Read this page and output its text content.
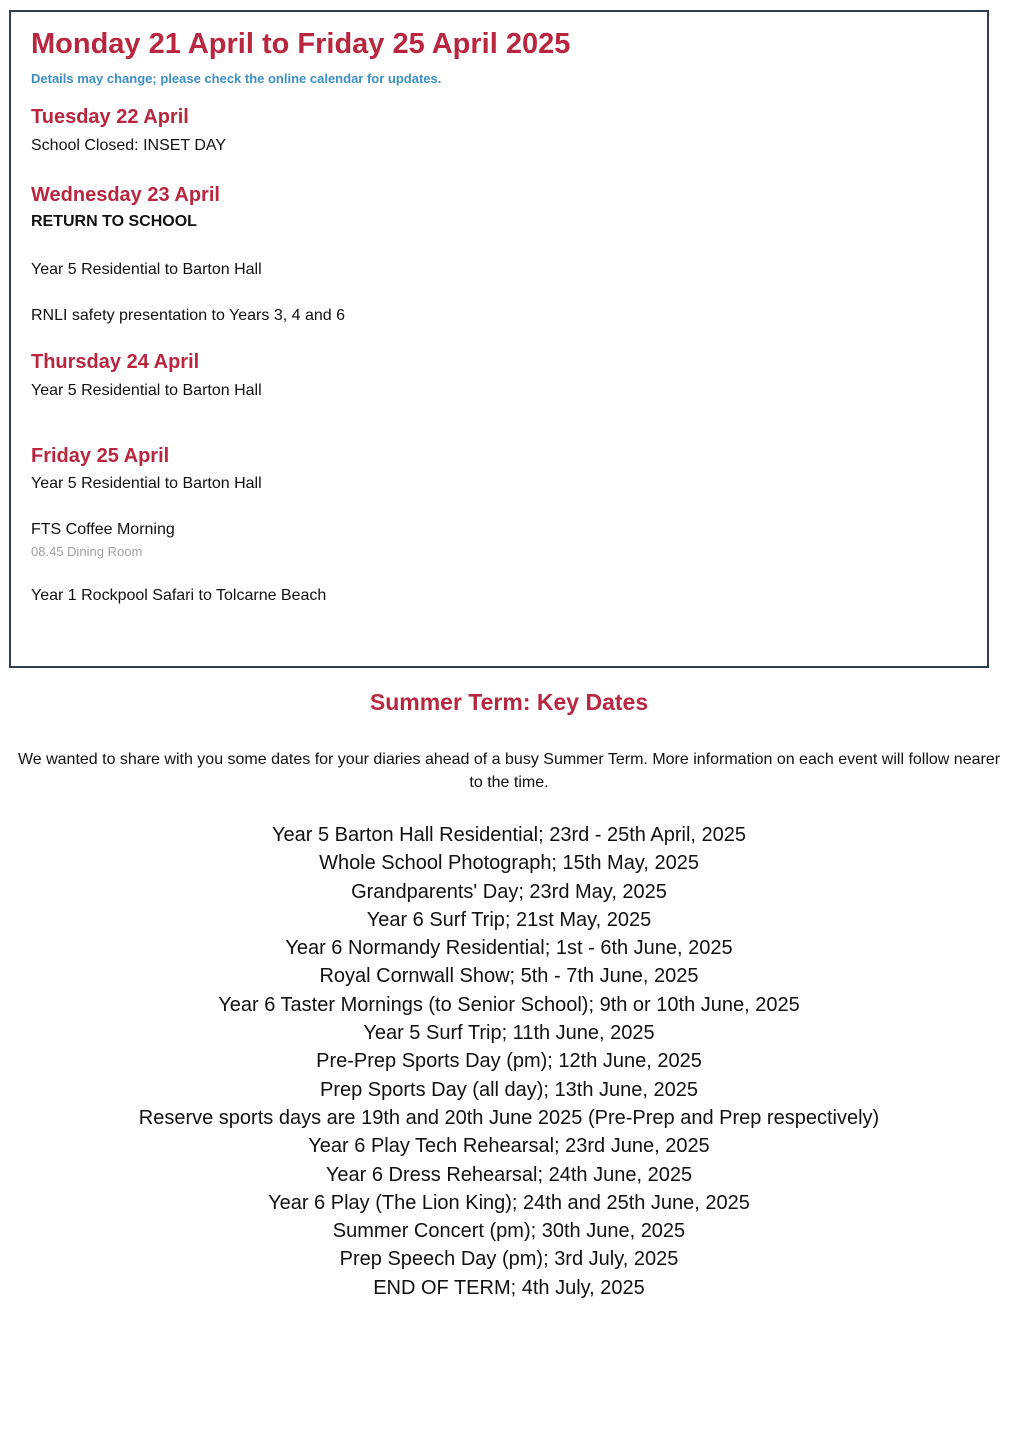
Monday 21 April to Friday 25 April 2025
Details may change; please check the online calendar for updates.
Tuesday 22 April
School Closed: INSET DAY
Wednesday 23 April
RETURN TO SCHOOL
Year 5 Residential to Barton Hall
RNLI safety presentation to Years 3, 4 and 6
Thursday 24 April
Year 5 Residential to Barton Hall
Friday 25 April
Year 5 Residential to Barton Hall
FTS Coffee Morning
08.45 Dining Room
Year 1 Rockpool Safari to Tolcarne Beach
Summer Term: Key Dates

We wanted to share with you some dates for your diaries ahead of a busy Summer Term. More information on each event will follow nearer to the time.

Year 5 Barton Hall Residential; 23rd - 25th April, 2025
Whole School Photograph; 15th May, 2025
Grandparents' Day; 23rd May, 2025
Year 6 Surf Trip; 21st May, 2025
Year 6 Normandy Residential; 1st - 6th June, 2025
Royal Cornwall Show; 5th - 7th June, 2025
Year 6 Taster Mornings (to Senior School); 9th or 10th June, 2025
Year 5 Surf Trip; 11th June, 2025
Pre-Prep Sports Day (pm); 12th June, 2025
Prep Sports Day (all day); 13th June, 2025
Reserve sports days are 19th and 20th June 2025 (Pre-Prep and Prep respectively)
Year 6 Play Tech Rehearsal; 23rd June, 2025
Year 6 Dress Rehearsal; 24th June, 2025
Year 6 Play (The Lion King); 24th and 25th June, 2025
Summer Concert (pm); 30th June, 2025
Prep Speech Day (pm); 3rd July, 2025
END OF TERM; 4th July, 2025
